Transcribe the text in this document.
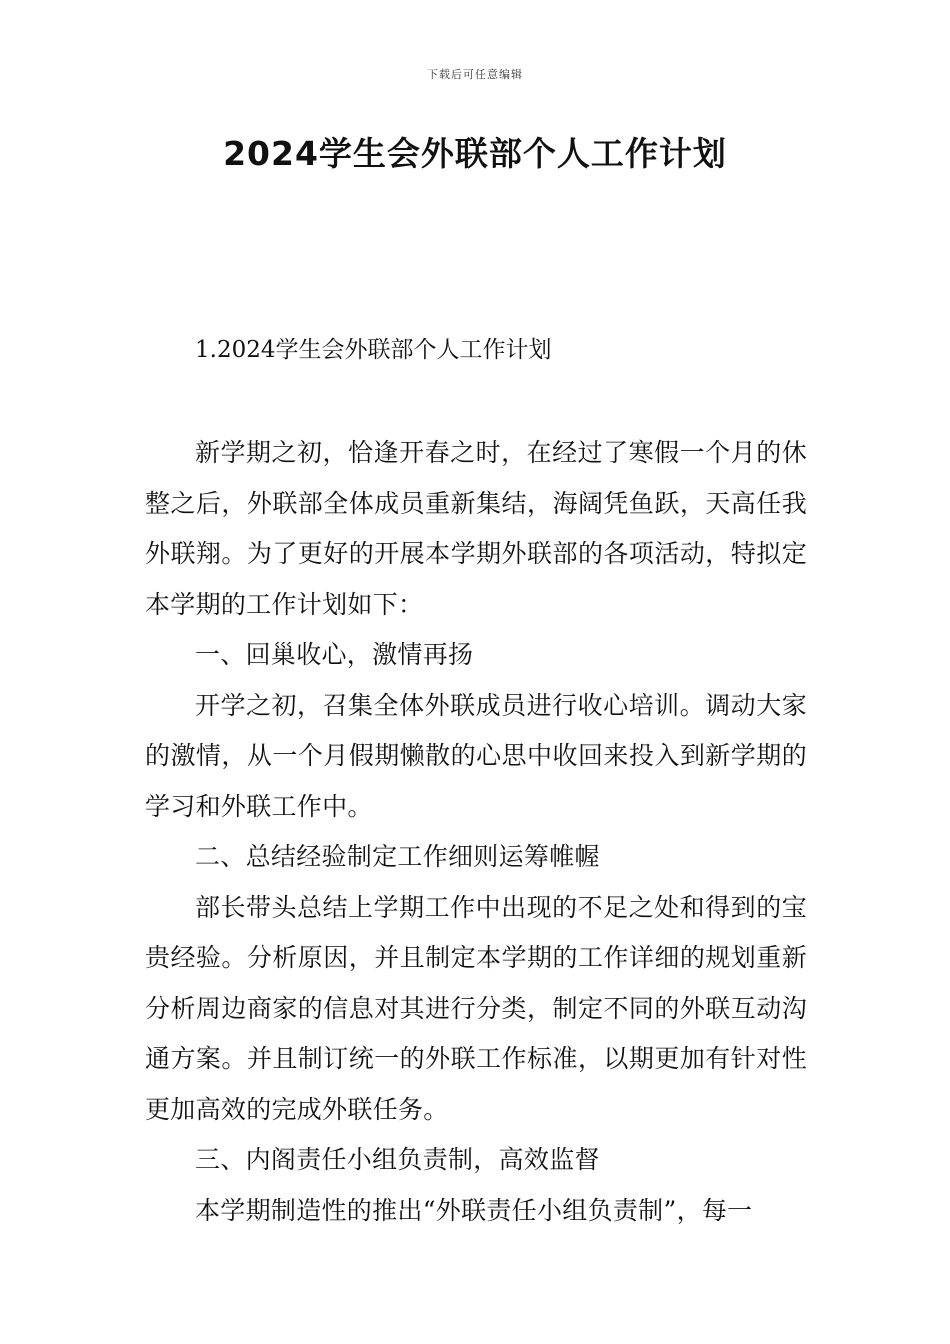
下载后可任意编辑
2024学生会外联部个人工作计划
1.2024学生会外联部个人工作计划

新学期之初，恰逢开春之时，在经过了寒假一个月的休整之后，外联部全体成员重新集结，海阔凭鱼跃，天高任我外联翔。为了更好的开展本学期外联部的各项活动，特拟定本学期的工作计划如下：

一、回巢收心，激情再扬

开学之初，召集全体外联成员进行收心培训。调动大家的激情，从一个月假期懒散的心思中收回来投入到新学期的学习和外联工作中。

二、总结经验制定工作细则运筹帷幄

部长带头总结上学期工作中出现的不足之处和得到的宝贵经验。分析原因，并且制定本学期的工作详细的规划重新分析周边商家的信息对其进行分类，制定不同的外联互动沟通方案。并且制订统一的外联工作标准，以期更加有针对性更加高效的完成外联任务。

三、内阁责任小组负责制，高效监督

本学期制造性的推出“外联责任小组负责制”，每一
